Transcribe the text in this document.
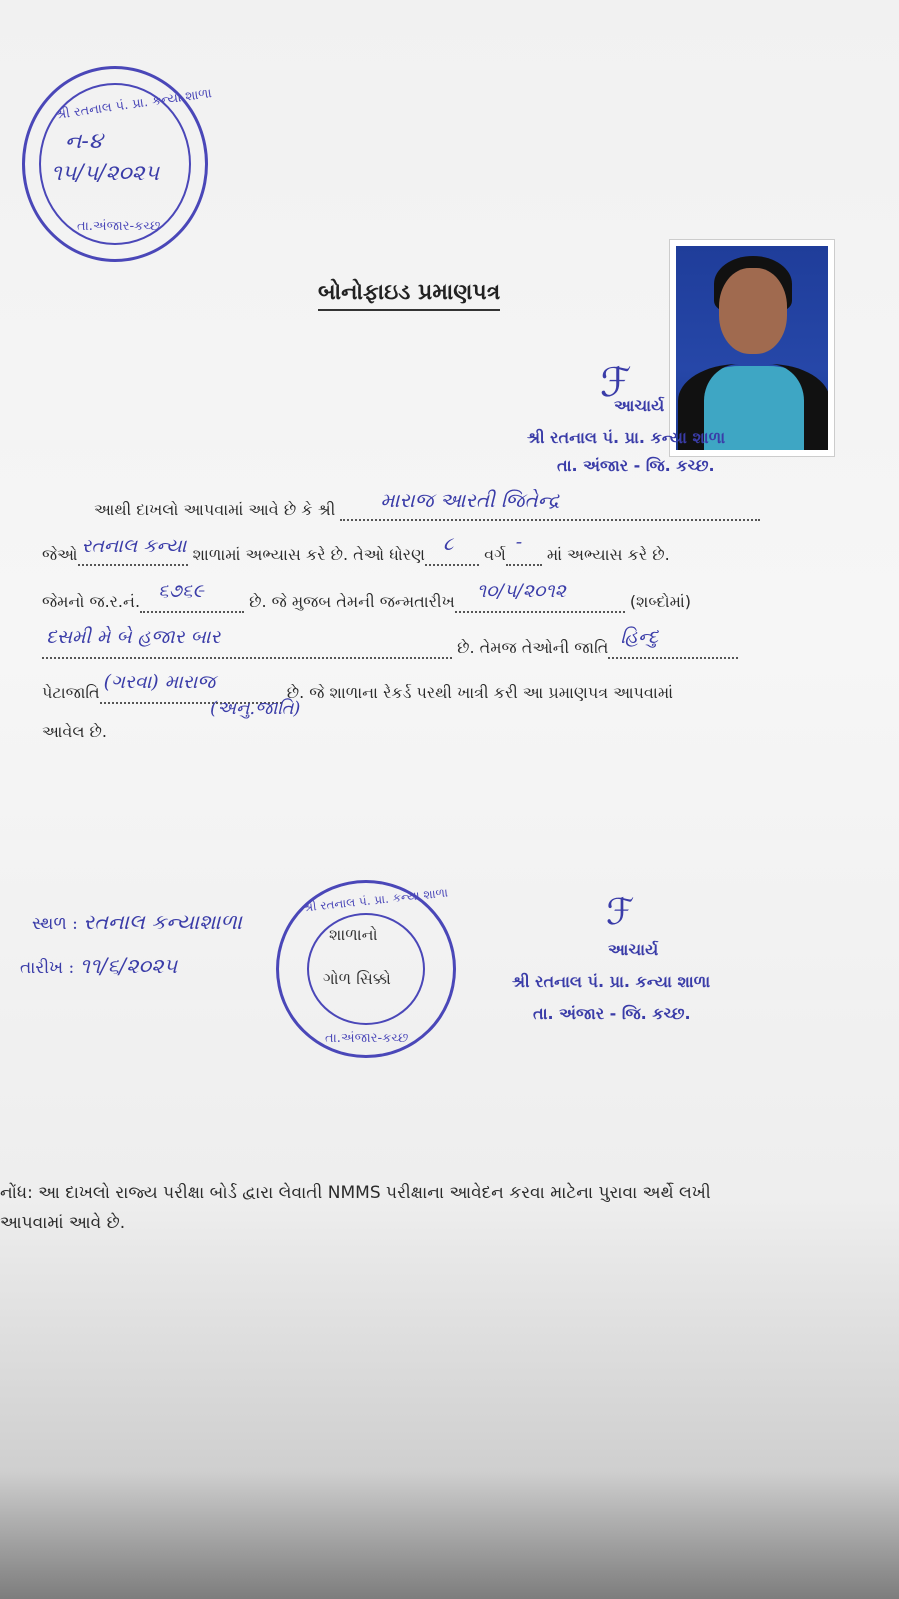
શ્રી રતનાલ પં. પ્રા. કન્યા શાળા
તા.અંજાર-કચ્છ
ન-૪
૧૫/૫/૨૦૨૫
બોનોફાઇડ પ્રમાણપત્ર
ℱ
આચાર્ય
શ્રી રતનાલ પં. પ્રા. કન્યા શાળા
તા. અંજાર - જિ. કચ્છ.
આથી દાખલો આપવામાં આવે છે કે શ્રી મારાજ આરતી જિતેન્દ્ર

જેઓ રતનાલ કન્યા શાળામાં અભ્યાસ કરે છે. તેઓ ધોરણ ૮ વર્ગ
-
માં અભ્યાસ કરે છે.
જેમનો જ.ર.નં. ૬૭૬૯	છે. જે મુજબ તેમની જન્મતારીખ ૧૦/૫/૨૦૧૨	(શબ્દોમાં)
દસમી મે બે હજાર બાર	છે. તેમજ તેઓની જાતિ હિન્દુ

પેટાજાતિ (ગરવા) મારાજ	છે. જે શાળાના રેકર્ડ પરથી ખાત્રી કરી આ પ્રમાણપત્ર આપવામાં
(અનુ.જાતિ)
આવેલ છે.
સ્થળ : રતનાલ કન્યાશાળા
તારીખ : ૧૧/૬/૨૦૨૫
શ્રી રતનાલ પં. પ્રા. કન્યા શાળા
તા.અંજાર-કચ્છ
શાળાનો
ગોળ સિક્કો
ℱ
આચાર્ય
શ્રી રતનાલ પં. પ્રા. કન્યા શાળા
તા. અંજાર - જિ. કચ્છ.
નોંધ: આ દાખલો રાજ્ય પરીક્ષા બોર્ડ દ્વારા લેવાતી NMMS પરીક્ષાના આવેદન કરવા માટેના પુરાવા અર્થે લખી
આપવામાં આવે છે.
